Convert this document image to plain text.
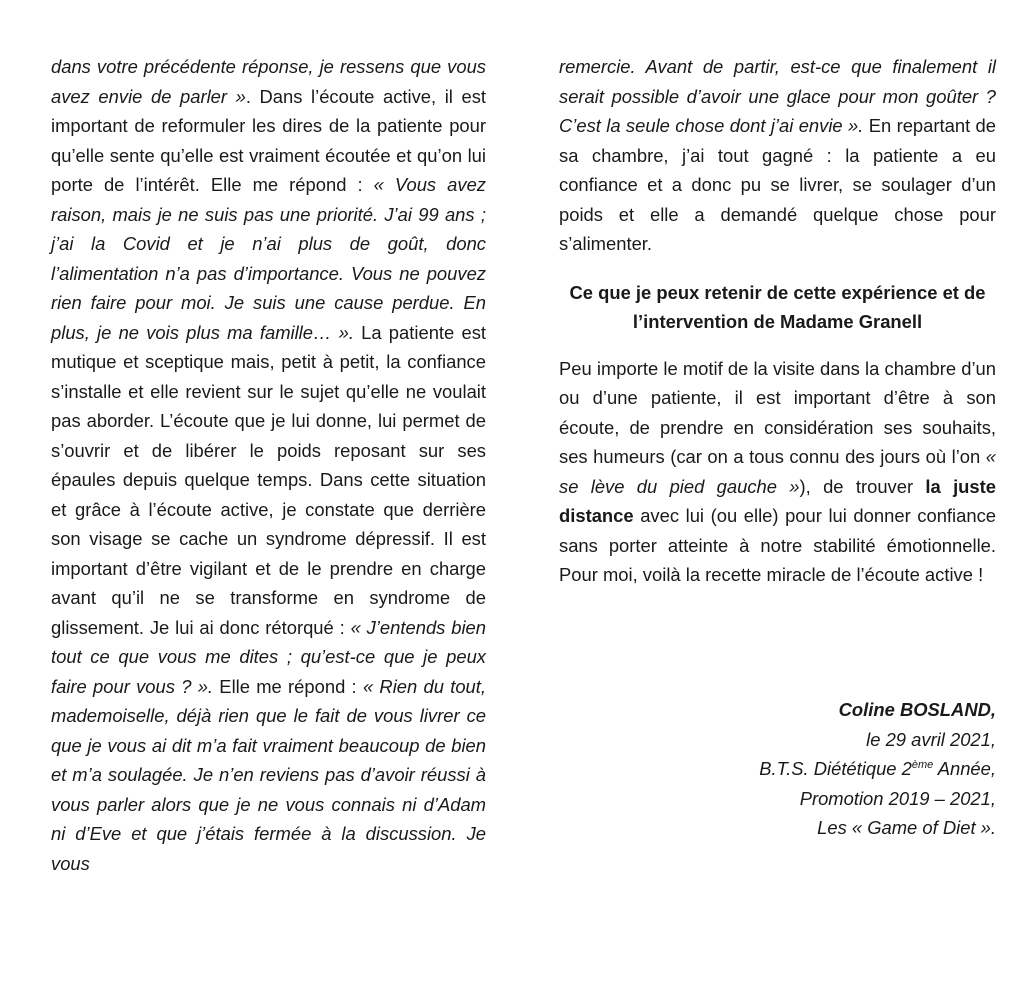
dans votre précédente réponse, je ressens que vous avez envie de parler ». Dans l’écoute active, il est important de reformuler les dires de la patiente pour qu’elle sente qu’elle est vraiment écoutée et qu’on lui porte de l’intérêt. Elle me répond : « Vous avez raison, mais je ne suis pas une priorité. J’ai 99 ans ; j’ai la Covid et je n’ai plus de goût, donc l’alimentation n’a pas d’importance. Vous ne pouvez rien faire pour moi. Je suis une cause perdue. En plus, je ne vois plus ma famille… ». La patiente est mutique et sceptique mais, petit à petit, la confiance s’installe et elle revient sur le sujet qu’elle ne voulait pas aborder. L’écoute que je lui donne, lui permet de s’ouvrir et de libérer le poids reposant sur ses épaules depuis quelque temps. Dans cette situation et grâce à l’écoute active, je constate que derrière son visage se cache un syndrome dépressif. Il est important d’être vigilant et de le prendre en charge avant qu’il ne se transforme en syndrome de glissement. Je lui ai donc rétorqué : « J’entends bien tout ce que vous me dites ; qu’est-ce que je peux faire pour vous ? ». Elle me répond : « Rien du tout, mademoiselle, déjà rien que le fait de vous livrer ce que je vous ai dit m’a fait vraiment beaucoup de bien et m’a soulagée. Je n’en reviens pas d’avoir réussi à vous parler alors que je ne vous connais ni d’Adam ni d’Eve et que j’étais fermée à la discussion. Je vous

remercie. Avant de partir, est-ce que finalement il serait possible d’avoir une glace pour mon goûter ? C’est la seule chose dont j’ai envie ». En repartant de sa chambre, j’ai tout gagné : la patiente a eu confiance et a donc pu se livrer, se soulager d’un poids et elle a demandé quelque chose pour s’alimenter.

Ce que je peux retenir de cette expérience et de l’intervention de Madame Granell

Peu importe le motif de la visite dans la chambre d’un ou d’une patiente, il est important d’être à son écoute, de prendre en considération ses souhaits, ses humeurs (car on a tous connu des jours où l’on « se lève du pied gauche »), de trouver la juste distance avec lui (ou elle) pour lui donner confiance sans porter atteinte à notre stabilité émotionnelle. Pour moi, voilà la recette miracle de l’écoute active !

Coline BOSLAND,
le 29 avril 2021,
B.T.S. Diététique 2ème Année,
Promotion 2019 – 2021,
Les « Game of Diet ».
